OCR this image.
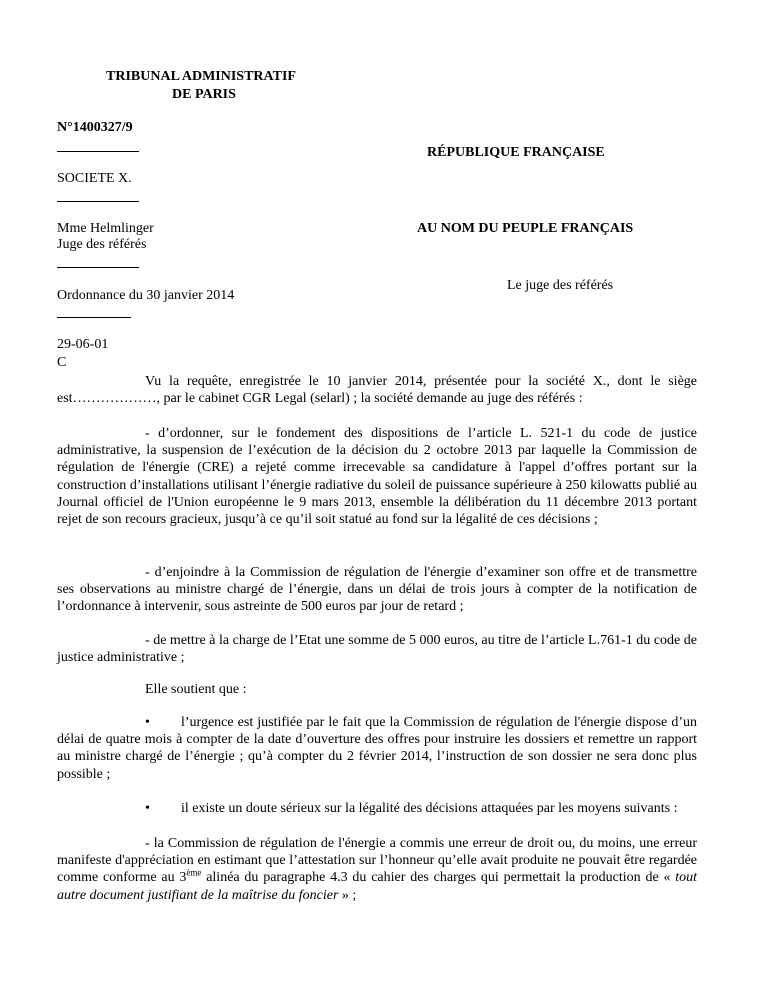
TRIBUNAL ADMINISTRATIF
DE PARIS
N°1400327/9
RÉPUBLIQUE FRANÇAISE
SOCIETE X.
AU NOM DU PEUPLE FRANÇAIS
Mme Helmlinger
Juge des référés
Le juge des référés
Ordonnance du 30 janvier 2014
29-06-01
C
Vu la requête, enregistrée le 10 janvier 2014, présentée pour la société X., dont le siège est………………, par le cabinet CGR Legal (selarl) ; la société demande au juge des référés :
- d’ordonner, sur le fondement des dispositions de l’article L. 521-1 du code de justice administrative, la suspension de l’exécution de la décision du 2 octobre 2013 par laquelle la Commission de régulation de l'énergie (CRE) a rejeté comme irrecevable sa candidature à l'appel d’offres portant sur la construction d’installations utilisant l’énergie radiative du soleil de puissance supérieure à 250 kilowatts publié au Journal officiel de l'Union européenne le 9 mars 2013, ensemble la délibération du 11 décembre 2013 portant rejet de son recours gracieux, jusqu’à ce qu’il soit statué au fond sur la légalité de ces décisions ;
- d’enjoindre à la Commission de régulation de l'énergie d’examiner son offre et de transmettre ses observations au ministre chargé de l’énergie, dans un délai de trois jours à compter de la notification de l’ordonnance à intervenir, sous astreinte de 500 euros par jour de retard ;
- de mettre à la charge de l’Etat une somme de 5 000 euros, au titre de l’article L.761-1 du code de justice administrative ;
Elle soutient que :
• l’urgence est justifiée par le fait que la Commission de régulation de l'énergie dispose d’un délai de quatre mois à compter de la date d’ouverture des offres pour instruire les dossiers et remettre un rapport au ministre chargé de l’énergie ; qu’à compter du 2 février 2014, l’instruction de son dossier ne sera donc plus possible ;
• il existe un doute sérieux sur la légalité des décisions attaquées par les moyens suivants :
- la Commission de régulation de l'énergie a commis une erreur de droit ou, du moins, une erreur manifeste d'appréciation en estimant que l’attestation sur l’honneur qu’elle avait produite ne pouvait être regardée comme conforme au 3ème alinéa du paragraphe 4.3 du cahier des charges qui permettait la production de « tout autre document justifiant de la maîtrise du foncier » ;
